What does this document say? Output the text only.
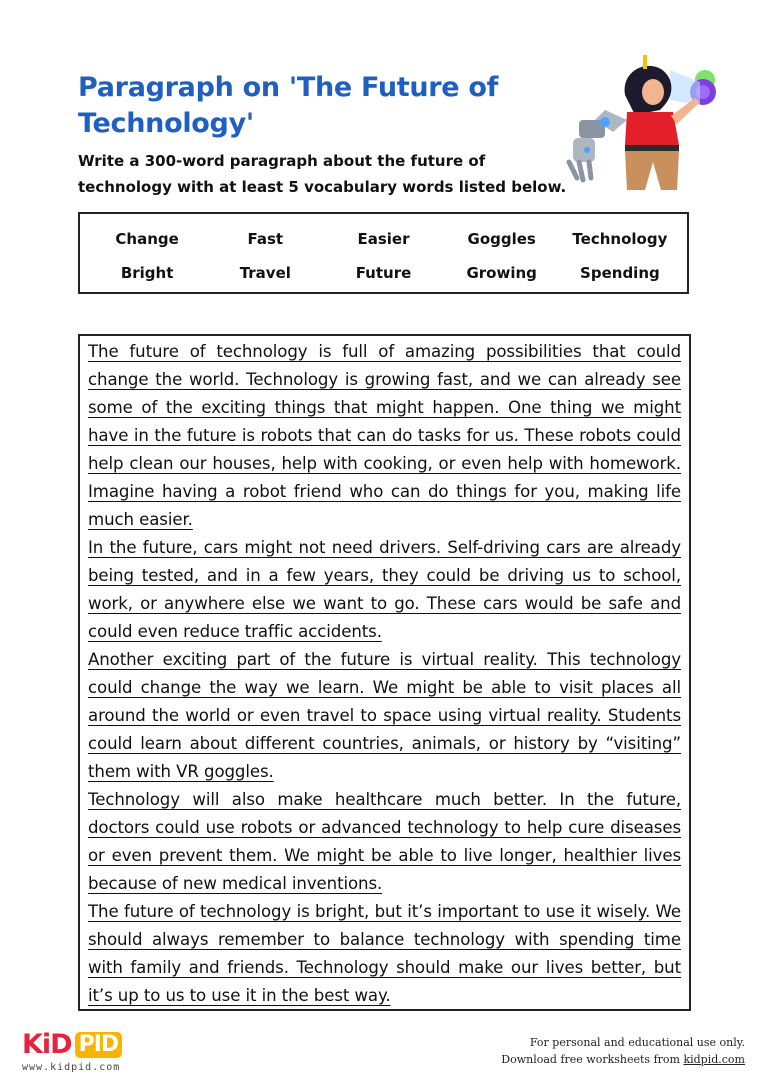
Paragraph on 'The Future of Technology'

Write a 300-word paragraph about the future of technology with at least 5 vocabulary words listed below.

Change	Fast	Easier	Goggles	Technology
Bright	Travel	Future	Growing	Spending

The future of technology is full of amazing possibilities that could change the world. Technology is growing fast, and we can already see some of the exciting things that might happen. One thing we might have in the future is robots that can do tasks for us. These robots could help clean our houses, help with cooking, or even help with homework. Imagine having a robot friend who can do things for you, making life much easier.

In the future, cars might not need drivers. Self-driving cars are already being tested, and in a few years, they could be driving us to school, work, or anywhere else we want to go. These cars would be safe and could even reduce traffic accidents.

Another exciting part of the future is virtual reality. This technology could change the way we learn. We might be able to visit places all around the world or even travel to space using virtual reality. Students could learn about different countries, animals, or history by “visiting” them with VR goggles.

Technology will also make healthcare much better. In the future, doctors could use robots or advanced technology to help cure diseases or even prevent them. We might be able to live longer, healthier lives because of new medical inventions.

The future of technology is bright, but it’s important to use it wisely. We should always remember to balance technology with spending time with family and friends. Technology should make our lives better, but it’s up to us to use it in the best way.

KiD PID
www.kidpid.com
For personal and educational use only.
Download free worksheets from kidpid.com
